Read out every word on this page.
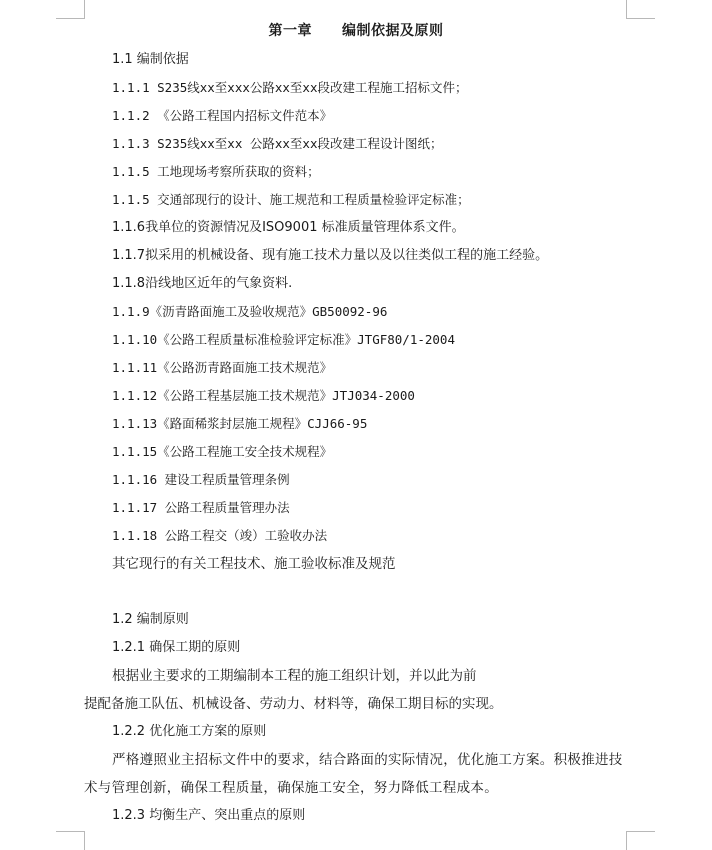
第一章 编制依据及原则
1.1 编制依据
1.1.1 S235线xx至xxx公路xx至xx段改建工程施工招标文件；
1.1.2 《公路工程国内招标文件范本》
1.1.3 S235线xx至xx 公路xx至xx段改建工程设计图纸；
1.1.5 工地现场考察所获取的资料；
1.1.5 交通部现行的设计、施工规范和工程质量检验评定标准；
1.1.6我单位的资源情况及ISO9001 标准质量管理体系文件。
1.1.7拟采用的机械设备、现有施工技术力量以及以往类似工程的施工经验。
1.1.8沿线地区近年的气象资料.
1.1.9《沥青路面施工及验收规范》GB50092-96
1.1.10《公路工程质量标准检验评定标准》JTGF80/1-2004
1.1.11《公路沥青路面施工技术规范》
1.1.12《公路工程基层施工技术规范》JTJ034-2000
1.1.13《路面稀浆封层施工规程》CJJ66-95
1.1.15《公路工程施工安全技术规程》
1.1.16 建设工程质量管理条例
1.1.17 公路工程质量管理办法
1.1.18 公路工程交（竣）工验收办法
其它现行的有关工程技术、施工验收标准及规范
1.2 编制原则
1.2.1 确保工期的原则
根据业主要求的工期编制本工程的施工组织计划，并以此为前
提配备施工队伍、机械设备、劳动力、材料等，确保工期目标的实现。
1.2.2 优化施工方案的原则
严格遵照业主招标文件中的要求，结合路面的实际情况，优化施工方案。积极推进技术与管理创新，确保工程质量，确保施工安全，努力降低工程成本。
1.2.3 均衡生产、突出重点的原则
